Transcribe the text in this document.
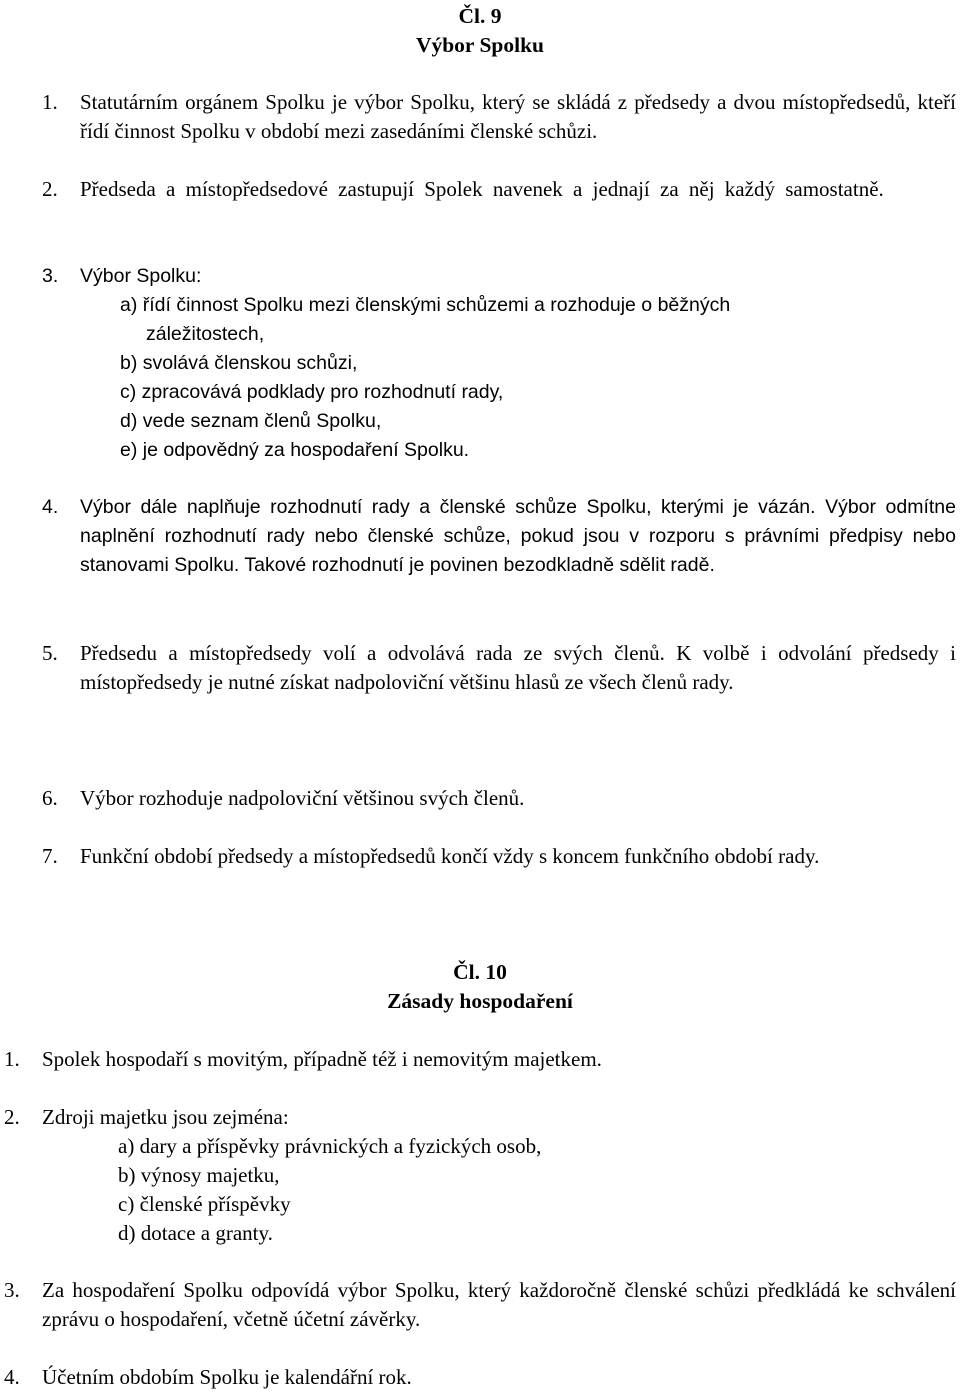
Čl. 9
Výbor Spolku
1. Statutárním orgánem Spolku je výbor Spolku, který se skládá z předsedy a dvou místopředsedů, kteří řídí činnost Spolku v období mezi zasedáními členské schůzi.
2. Předseda a místopředsedové zastupují Spolek navenek a jednají za něj každý samostatně.
3. Výbor Spolku:
a) řídí činnost Spolku mezi členskými schůzemi a rozhoduje o běžných
záležitostech,
b) svolává členskou schůzi,
c) zpracovává podklady pro rozhodnutí rady,
d) vede seznam členů Spolku,
e) je odpovědný za hospodaření Spolku.
4. Výbor dále naplňuje rozhodnutí rady a členské schůze Spolku, kterými je vázán. Výbor odmítne naplnění rozhodnutí rady nebo členské schůze, pokud jsou v rozporu s právními předpisy nebo stanovami Spolku. Takové rozhodnutí je povinen bezodkladně sdělit radě.
5. Předsedu a místopředsedy volí a odvolává rada ze svých členů. K volbě i odvolání předsedy i místopředsedy je nutné získat nadpoloviční většinu hlasů ze všech členů rady.
6. Výbor rozhoduje nadpoloviční většinou svých členů.
7. Funkční období předsedy a místopředsedů končí vždy s koncem funkčního období rady.
Čl. 10
Zásady hospodaření
1. Spolek hospodaří s movitým, případně též i nemovitým majetkem.
2. Zdroji majetku jsou zejména:
a) dary a příspěvky právnických a fyzických osob,
b) výnosy majetku,
c) členské příspěvky
d) dotace a granty.
3. Za hospodaření Spolku odpovídá výbor Spolku, který každoročně členské schůzi předkládá ke schválení zprávu o hospodaření, včetně účetní závěrky.
4. Účetním obdobím Spolku je kalendářní rok.
